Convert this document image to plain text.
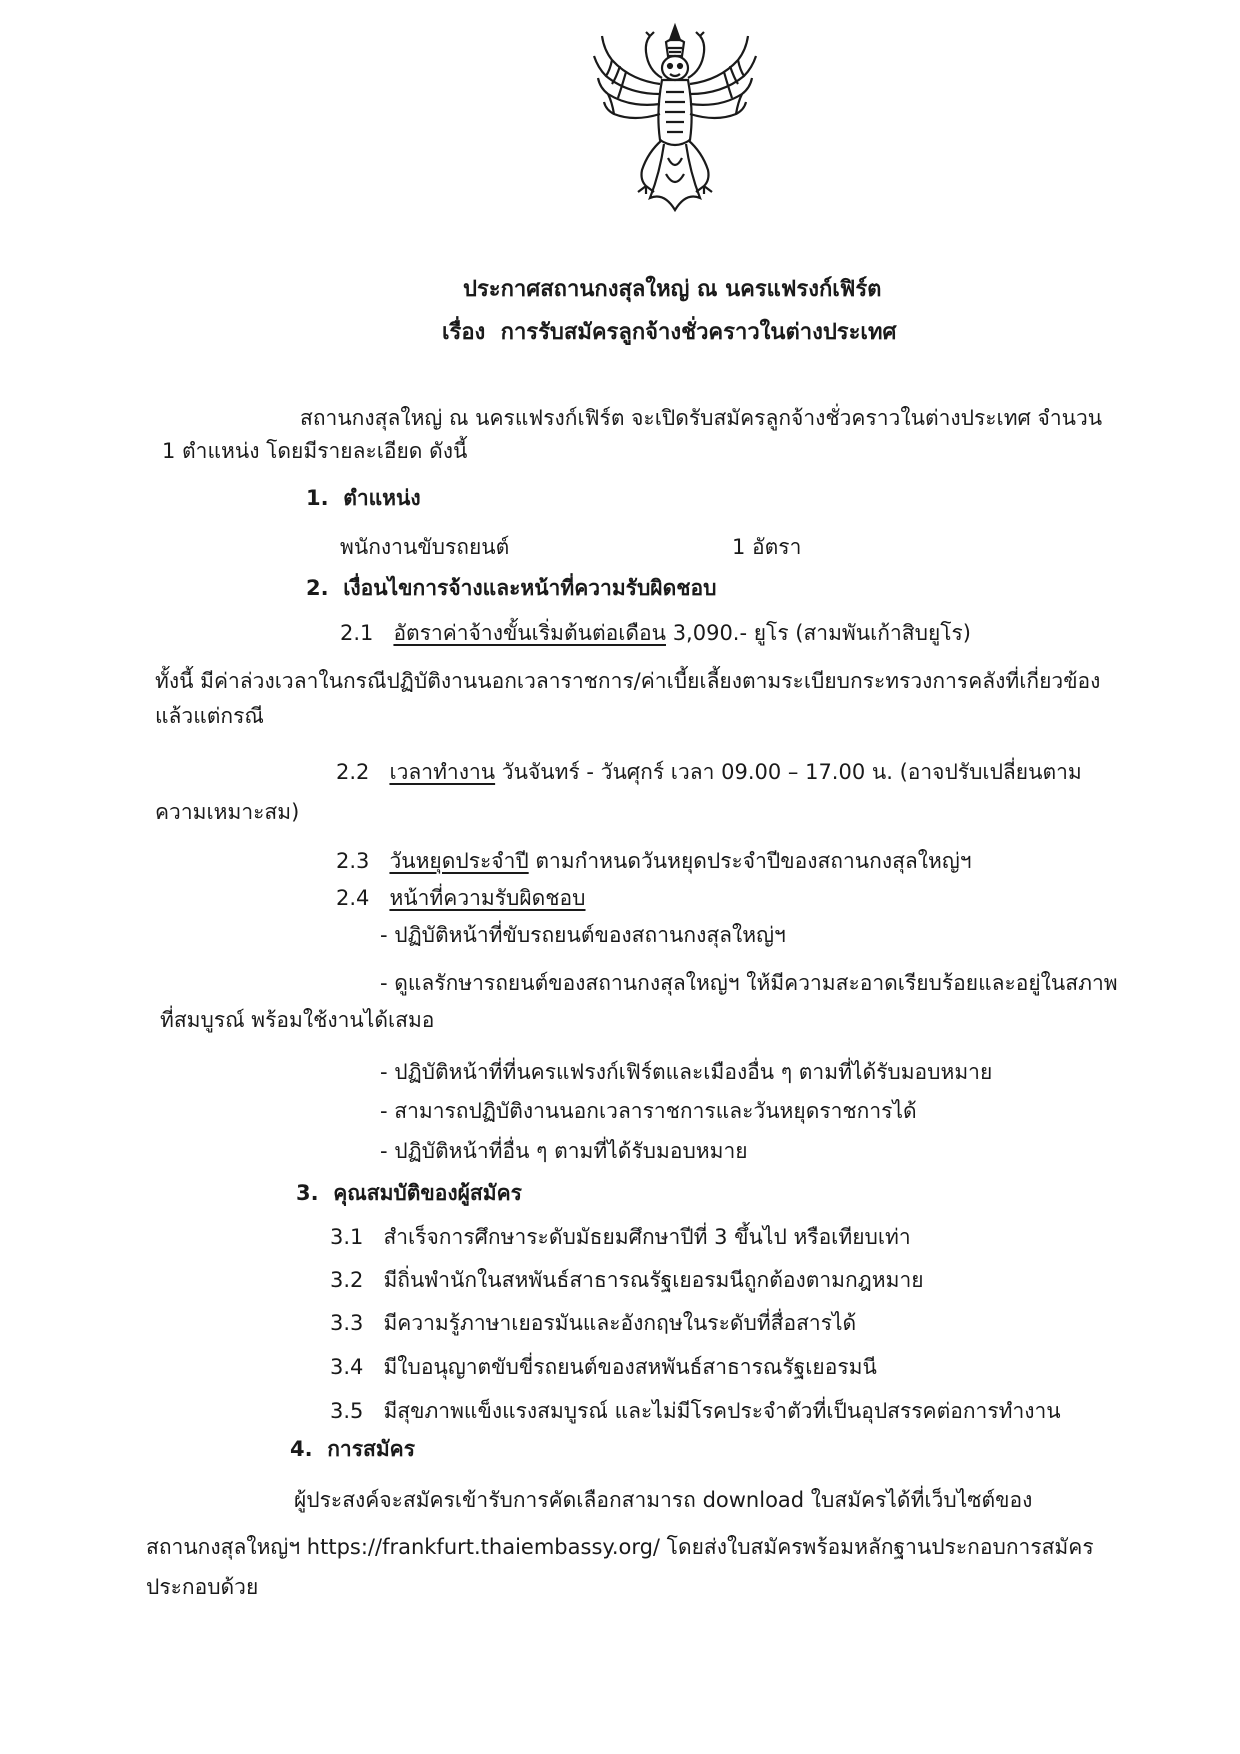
ประกาศสถานกงสุลใหญ่ ณ นครแฟรงก์เฟิร์ต
เรื่อง การรับสมัครลูกจ้างชั่วคราวในต่างประเทศ
สถานกงสุลใหญ่ ณ นครแฟรงก์เฟิร์ต จะเปิดรับสมัครลูกจ้างชั่วคราวในต่างประเทศ จำนวน
1 ตำแหน่ง โดยมีรายละเอียด ดังนี้
1. ตำแหน่ง
พนักงานขับรถยนต์	1 อัตรา
2. เงื่อนไขการจ้างและหน้าที่ความรับผิดชอบ
2.1 อัตราค่าจ้างขั้นเริ่มต้นต่อเดือน 3,090.- ยูโร (สามพันเก้าสิบยูโร)
ทั้งนี้ มีค่าล่วงเวลาในกรณีปฏิบัติงานนอกเวลาราชการ/ค่าเบี้ยเลี้ยงตามระเบียบกระทรวงการคลังที่เกี่ยวข้อง
แล้วแต่กรณี
2.2 เวลาทำงาน วันจันทร์ - วันศุกร์ เวลา 09.00 – 17.00 น. (อาจปรับเปลี่ยนตาม
ความเหมาะสม)
2.3 วันหยุดประจำปี ตามกำหนดวันหยุดประจำปีของสถานกงสุลใหญ่ฯ
2.4 หน้าที่ความรับผิดชอบ
- ปฏิบัติหน้าที่ขับรถยนต์ของสถานกงสุลใหญ่ฯ
- ดูแลรักษารถยนต์ของสถานกงสุลใหญ่ฯ ให้มีความสะอาดเรียบร้อยและอยู่ในสภาพ
ที่สมบูรณ์ พร้อมใช้งานได้เสมอ
- ปฏิบัติหน้าที่ที่นครแฟรงก์เฟิร์ตและเมืองอื่น ๆ ตามที่ได้รับมอบหมาย
- สามารถปฏิบัติงานนอกเวลาราชการและวันหยุดราชการได้
- ปฏิบัติหน้าที่อื่น ๆ ตามที่ได้รับมอบหมาย
3. คุณสมบัติของผู้สมัคร
3.1 สำเร็จการศึกษาระดับมัธยมศึกษาปีที่ 3 ขึ้นไป หรือเทียบเท่า
3.2 มีถิ่นพำนักในสหพันธ์สาธารณรัฐเยอรมนีถูกต้องตามกฎหมาย
3.3 มีความรู้ภาษาเยอรมันและอังกฤษในระดับที่สื่อสารได้
3.4 มีใบอนุญาตขับขี่รถยนต์ของสหพันธ์สาธารณรัฐเยอรมนี
3.5 มีสุขภาพแข็งแรงสมบูรณ์ และไม่มีโรคประจำตัวที่เป็นอุปสรรคต่อการทำงาน
4. การสมัคร
ผู้ประสงค์จะสมัครเข้ารับการคัดเลือกสามารถ download ใบสมัครได้ที่เว็บไซต์ของ
สถานกงสุลใหญ่ฯ https://frankfurt.thaiembassy.org/ โดยส่งใบสมัครพร้อมหลักฐานประกอบการสมัคร
ประกอบด้วย
